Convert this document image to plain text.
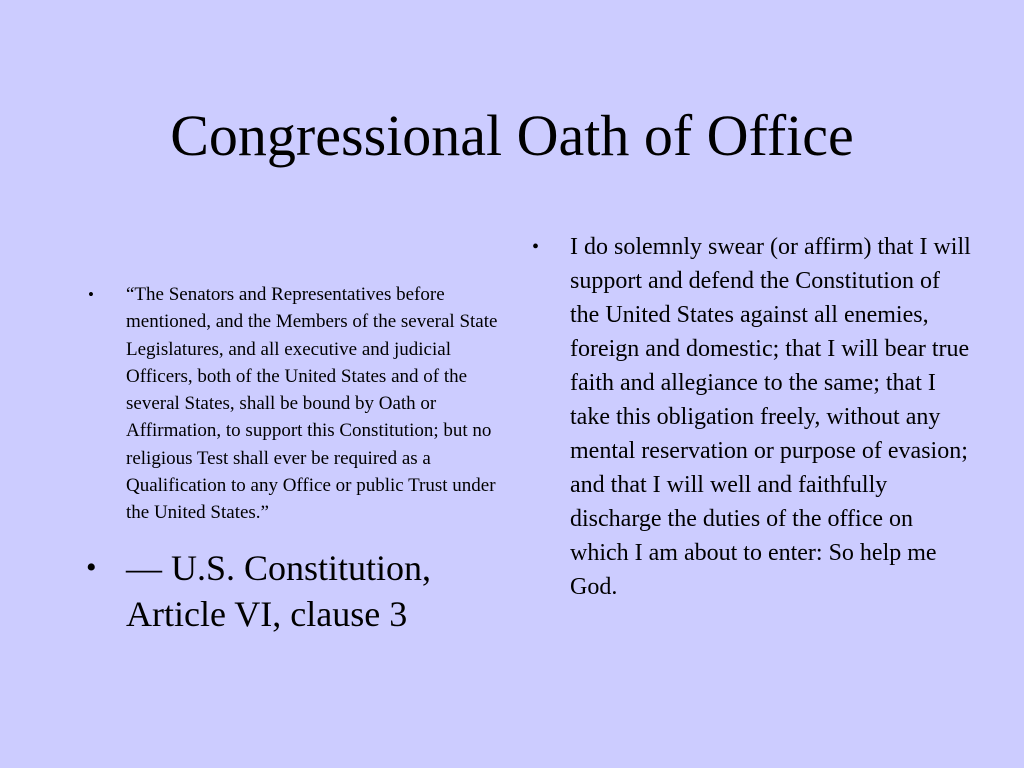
Congressional Oath of Office
• “The Senators and Representatives before mentioned, and the Members of the several State Legislatures, and all executive and judicial Officers, both of the United States and of the several States, shall be bound by Oath or Affirmation, to support this Constitution; but no religious Test shall ever be required as a Qualification to any Office or public Trust under the United States.”
• — U.S. Constitution, Article VI, clause 3
• I do solemnly swear (or affirm) that I will support and defend the Constitution of the United States against all enemies, foreign and domestic; that I will bear true faith and allegiance to the same; that I take this obligation freely, without any mental reservation or purpose of evasion; and that I will well and faithfully discharge the duties of the office on which I am about to enter: So help me God.
